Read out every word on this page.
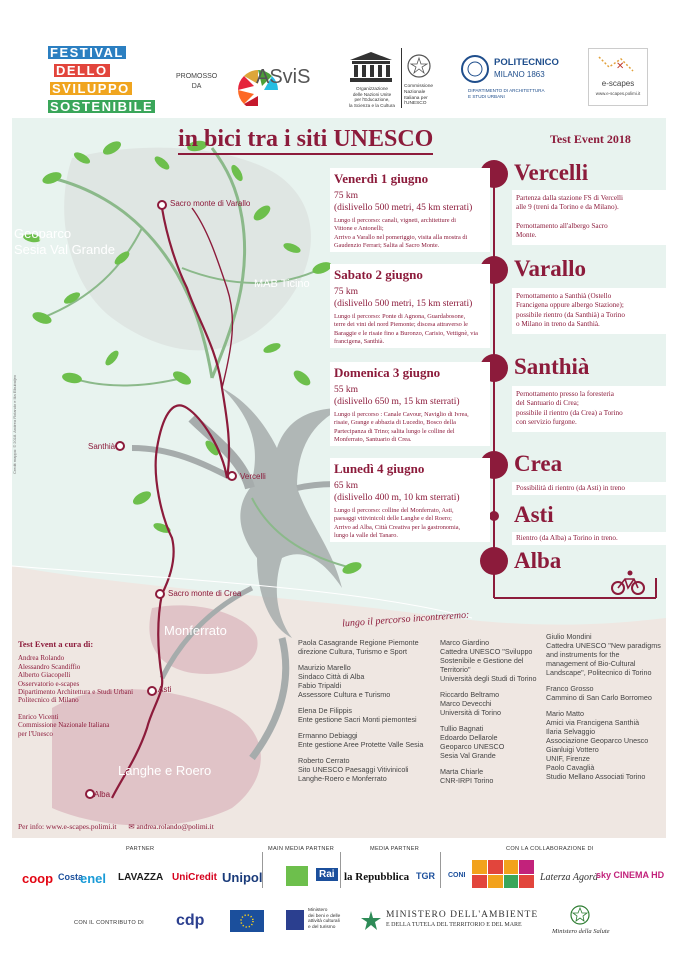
FESTIVAL
DELLO
SVILUPPO
SOSTENIBILE

PROMOSSO
DA	ASviS
Organizzazione
delle Nazioni Unite
per l'Educazione,
la Scienza e la Cultura
Commissione
Nazionale
Italiana per
l'UNESCO
POLITECNICO
MILANO 1863
DIPARTIMENTO DI ARCHITETTURA
E STUDI URBANI
✕
e-scapes
www.e-scapes.polimi.it
in bici tra i siti UNESCO	Test Event 2018
Geoparco
Sesia Val Grande
MAB Ticino
lungo il percorso incontreremo:
Credit mappa: © 2018. Andrea Rolando e Ilia Elkubaijev
Sacro monte di Varallo
Santhià
Vercelli
Sacro monte di Crea
Asti
Alba
Monferrato
Langhe e Roero
Venerdì 1 giugno
75 km
(dislivello 500 metri, 45 km sterrati)
Lungo il percorso: canali, vigneti, architetture di
Vittone e Antonelli;
Arrivo a Varallo nel pomeriggio, visita alla mostra di
Gaudenzio Ferrari; Salita al Sacro Monte.
Sabato 2 giugno
75 km
(dislivello 500 metri, 15 km sterrati)
Lungo il percorso: Ponte di Agnona, Guardabosone,
terre dei vini del nord Piemonte; discesa attraverso le
Baraggie e le risaie fino a Buronzo, Carisio, Vettignè, via
francigena, Santhià.
Domenica 3 giugno
55 km
(dislivello 650 m, 15 km sterrati)
Lungo il percorso : Canale Cavour, Naviglio di Ivrea,
risaie, Grange e abbazia di Lucedio, Bosco della
Partecipanza di Trino; salita lungo le colline del
Monferrato, Santuario di Crea.
Lunedì 4 giugno
65 km
(dislivello 400 m, 10 km sterrati)
Lungo il percorso: colline del Monferrato, Asti,
paesaggi vitivinicoli delle Langhe e del Roero;
Arrivo ad Alba, Città Creativa per la gastronomia,
lungo la valle del Tanaro.
Vercelli
Partenza dalla stazione FS di Vercelli
alle 9 (treni da Torino e da Milano).
Pernottamento all'albergo Sacro
Monte.
Varallo
Pernottamento a Santhià (Ostello
Francigena oppure albergo Stazione);
possibile rientro (da Santhià) a Torino
o Milano in treno da Santhià.
Santhià
Pernottamento presso la foresteria
del Santuario di Crea;
possibile il rientro (da Crea) a Torino
con servizio furgone.
Crea
Possibilità di rientro (da Asti) in treno
Asti
Rientro (da Alba) a Torino in treno.
Alba
Test Event a cura di:
Andrea Rolando
Alessandro Scandiffio
Alberto Giacopelli
Osservatorio e-scapes
Dipartimento Architettura e Studi Urbani
Politecnico di Milano
Enrico Vicenti
Commissione Nazionale Italiana
per l'Unesco
Per info: www.e-scapes.polimi.it ✉ andrea.rolando@polimi.it
Paola Casagrande Regione Piemonte
direzione Cultura, Turismo e Sport
Maurizio Marello
Sindaco Città di Alba
Fabio Tripaldi
Assessore Cultura e Turismo
Elena De Filippis
Ente gestione Sacri Monti piemontesi
Ermanno Debiaggi
Ente gestione Aree Protette Valle Sesia
Roberto Cerrato
Sito UNESCO Paesaggi Vitivinicoli
Langhe-Roero e Monferrato
Marco Giardino
Cattedra UNESCO "Sviluppo
Sostenibile e Gestione del
Territorio"
Università degli Studi di Torino
Riccardo Beltramo
Marco Devecchi
Università di Torino
Tullio Bagnati
Edoardo Dellarole
Geoparco UNESCO
Sesia Val Grande
Marta Chiarle
CNR-IRPI Torino
Giulio Mondini
Cattedra UNESCO "New paradigms
and instruments for the
management of Bio-Cultural
Landscape", Politecnico di Torino
Franco Grosso
Cammino di San Carlo Borromeo
Mario Matto
Amici via Francigena Santhià
Ilaria Selvaggio
Associazione Geoparco Unesco
Gianluigi Vottero
UNIF, Firenze
Paolo Cavaglià
Studio Mellano Associati Torino
PARTNER	MAIN MEDIA PARTNER	MEDIA PARTNER	CON LA COLLABORAZIONE DI
coop Costa
enel LAVAZZA UniCredit Unipol	Rai la Repubblica TGR CONI	Laterza Agorà
sky CINEMA HD
CON IL CONTRIBUTO DI cdp
Ministero
dei beni e delle
attività culturali
e del turismo
MINISTERO DELL'AMBIENTE
E DELLA TUTELA DEL TERRITORIO E DEL MARE
Ministero della Salute
